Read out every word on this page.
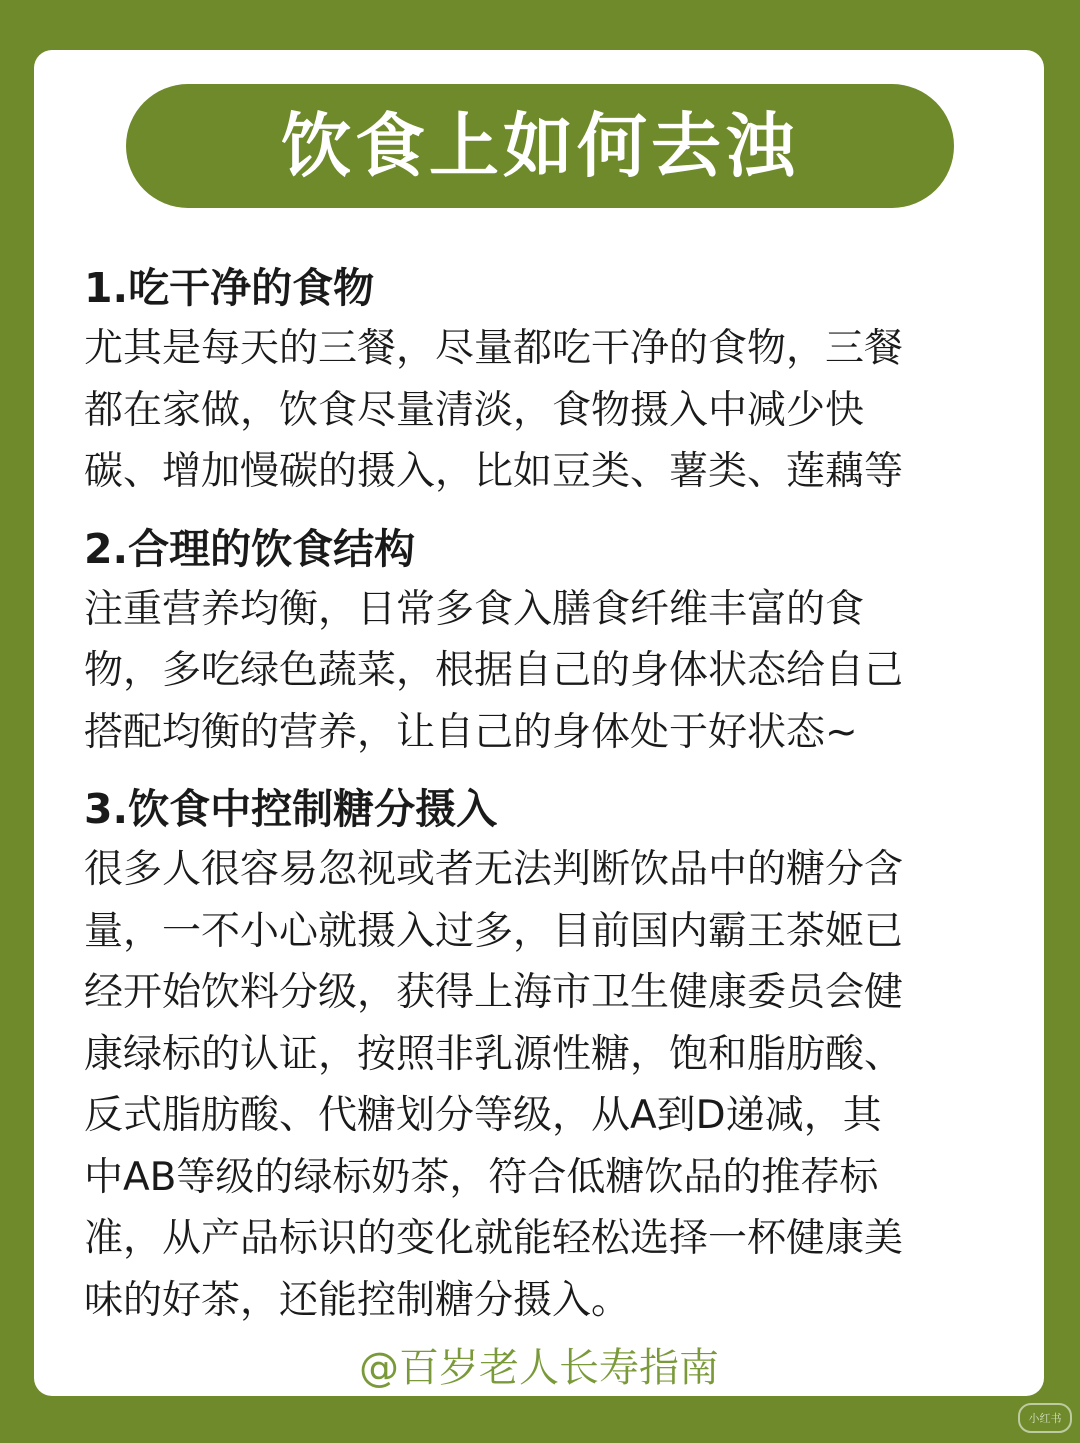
饮食上如何去浊

1.吃干净的食物

尤其是每天的三餐，尽量都吃干净的食物，三餐

都在家做，饮食尽量清淡，食物摄入中减少快

碳、增加慢碳的摄入，比如豆类、薯类、莲藕等

2.合理的饮食结构

注重营养均衡，日常多食入膳食纤维丰富的食

物，多吃绿色蔬菜，根据自己的身体状态给自己

搭配均衡的营养，让自己的身体处于好状态~

3.饮食中控制糖分摄入

很多人很容易忽视或者无法判断饮品中的糖分含

量，一不小心就摄入过多，目前国内霸王茶姬已

经开始饮料分级，获得上海市卫生健康委员会健

康绿标的认证，按照非乳源性糖，饱和脂肪酸、

反式脂肪酸、代糖划分等级，从A到D递减，其

中AB等级的绿标奶茶，符合低糖饮品的推荐标

准，从产品标识的变化就能轻松选择一杯健康美

味的好茶，还能控制糖分摄入。

@百岁老人长寿指南
小红书
